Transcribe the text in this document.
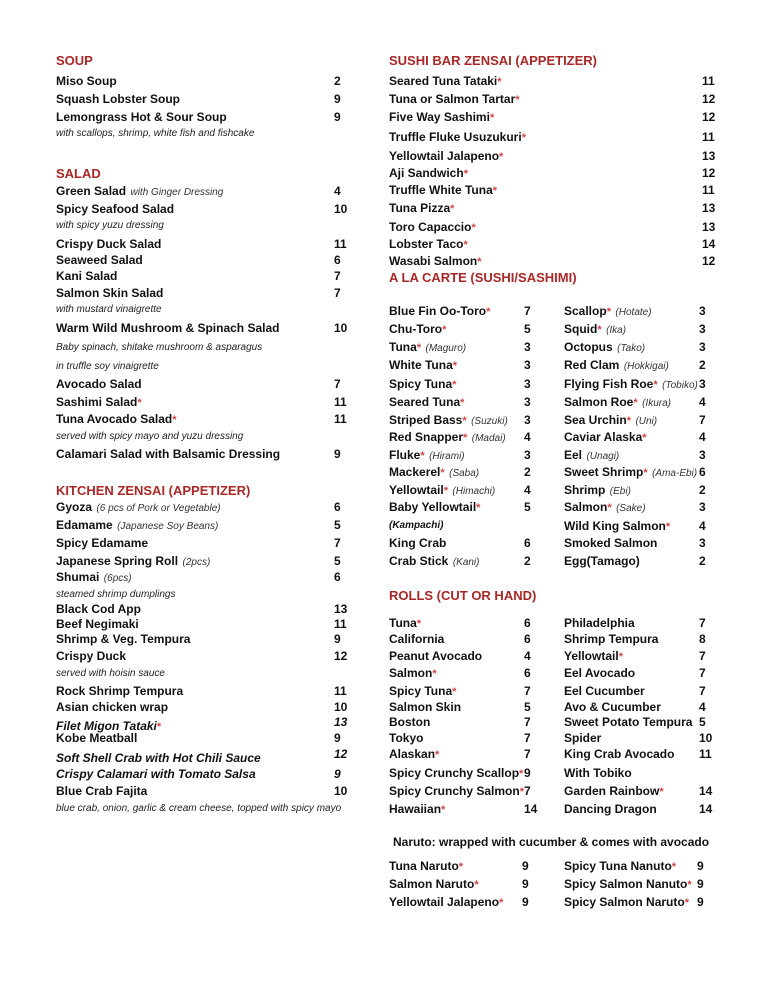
SOUP
SALAD
KITCHEN ZENSAI (APPETIZER)
SUSHI BAR ZENSAI (APPETIZER)
A LA CARTE (SUSHI/SASHIMI)
ROLLS (CUT OR HAND)
Naruto: wrapped with cucumber & comes with avocado
Miso Soup	2
Squash Lobster Soup	9
Lemongrass Hot & Sour Soup	9
with scallops, shrimp, white fish and fishcake
Green Salad with Ginger Dressing	4
Spicy Seafood Salad	10
with spicy yuzu dressing
Crispy Duck Salad	11
Seaweed Salad	6
Kani Salad	7
Salmon Skin Salad	7
with mustard vinaigrette
Warm Wild Mushroom & Spinach Salad	10
Baby spinach, shitake mushroom & asparagus
in truffle soy vinaigrette
Avocado Salad	7
Sashimi Salad*	11
Tuna Avocado Salad*	11
served with spicy mayo and yuzu dressing
Calamari Salad with Balsamic Dressing	9
Gyoza (6 pcs of Pork or Vegetable)	6
Edamame (Japanese Soy Beans)	5
Spicy Edamame	7
Japanese Spring Roll (2pcs)	5
Shumai (6pcs)	6
steamed shrimp dumplings
Black Cod App	13
Beef Negimaki	11
Shrimp & Veg. Tempura	9
Crispy Duck	12
served with hoisin sauce
Rock Shrimp Tempura	11
Asian chicken wrap	10
Filet Migon Tataki*	13
Kobe Meatball	9
Soft Shell Crab with Hot Chili Sauce	12
Crispy Calamari with Tomato Salsa	9
Blue Crab Fajita	10
blue crab, onion, garlic & cream cheese, topped with spicy mayo
Seared Tuna Tataki*	11
Tuna or Salmon Tartar*	12
Five Way Sashimi*	12
Truffle Fluke Usuzukuri*	11
Yellowtail Jalapeno*	13
Aji Sandwich*	12
Truffle White Tuna*	11
Tuna Pizza*	13
Toro Capaccio*	13
Lobster Taco*	14
Wasabi Salmon*	12
Blue Fin Oo-Toro*	7
Chu-Toro*	5
Tuna* (Maguro)	3
White Tuna*	3
Spicy Tuna*	3
Seared Tuna*	3
Striped Bass* (Suzuki) 3
Red Snapper* (Madai) 4
Fluke* (Hirami)	3
Mackerel* (Saba)	2
Yellowtail* (Himachi) 4
Baby Yellowtail*	5
(Kampachi)
King Crab	6
Crab Stick (Kani)	2
Scallop* (Hotate)	3
Squid* (Ika)	3
Octopus (Tako)	3
Red Clam (Hokkigai)	2
Flying Fish Roe* (Tobiko) 3
Salmon Roe* (Ikura) 4
Sea Urchin* (Uni)	7
Caviar Alaska*	4
Eel (Unagi)	3
Sweet Shrimp* (Ama-Ebi) 6
Shrimp (Ebi)	2
Salmon* (Sake)	3
Wild King Salmon* 4
Smoked Salmon	3
Egg(Tamago)	2
Tuna*	6
California	6
Peanut Avocado	4
Salmon*	6
Spicy Tuna*	7
Salmon Skin	5
Boston	7
Tokyo	7
Alaskan*	7
Spicy Crunchy Scallop* 9
Spicy Crunchy Salmon* 7
Hawaiian*	14
Philadelphia	7
Shrimp Tempura	8
Yellowtail*	7
Eel Avocado	7
Eel Cucumber	7
Avo & Cucumber	4
Sweet Potato Tempura 5
Spider	10
King Crab Avocado 11
With Tobiko
Garden Rainbow*	14
Dancing Dragon	14
Tuna Naruto*	9
Salmon Naruto*	9
Yellowtail Jalapeno* 9
Spicy Tuna Nanuto* 9
Spicy Salmon Nanuto* 9
Spicy Salmon Naruto* 9
